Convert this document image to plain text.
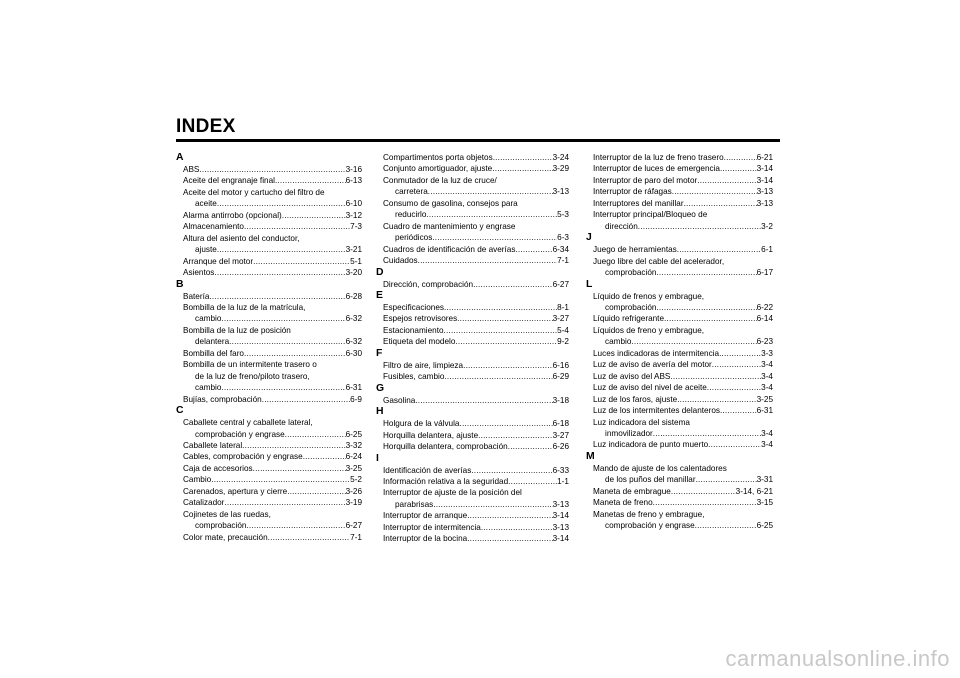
INDEX
A
ABS .....	3-16
Aceite del engranaje final .....	6-13
Aceite del motor y cartucho del filtro de
aceite .....	6-10
Alarma antirrobo (opcional) .....	3-12
Almacenamiento .....	7-3
Altura del asiento del conductor,
ajuste .....	3-21
Arranque del motor .....	5-1
Asientos .....	3-20
B
Batería .....	6-28
Bombilla de la luz de la matrícula,
cambio .....	6-32
Bombilla de la luz de posición
delantera .....	6-32
Bombilla del faro .....	6-30
Bombilla de un intermitente trasero o
de la luz de freno/piloto trasero,
cambio .....	6-31
Bujías, comprobación .....	6-9
C
Caballete central y caballete lateral,
comprobación y engrase .....	6-25
Caballete lateral .....	3-32
Cables, comprobación y engrase .....	6-24
Caja de accesorios .....	3-25
Cambio .....	5-2
Carenados, apertura y cierre .....	3-26
Catalizador .....	3-19
Cojinetes de las ruedas,
comprobación .....	6-27
Color mate, precaución .....	7-1
Compartimentos porta objetos .....	3-24
Conjunto amortiguador, ajuste .....	3-29
Conmutador de la luz de cruce/
carretera .....	3-13
Consumo de gasolina, consejos para
reducirlo .....	5-3
Cuadro de mantenimiento y engrase
periódicos .....	6-3
Cuadros de identificación de averías .....	6-34
Cuidados .....	7-1
D
Dirección, comprobación .....	6-27
E
Especificaciones .....	8-1
Espejos retrovisores .....	3-27
Estacionamiento .....	5-4
Etiqueta del modelo .....	9-2
F
Filtro de aire, limpieza .....	6-16
Fusibles, cambio .....	6-29
G
Gasolina .....	3-18
H
Holgura de la válvula .....	6-18
Horquilla delantera, ajuste .....	3-27
Horquilla delantera, comprobación .....	6-26
I
Identificación de averías .....	6-33
Información relativa a la seguridad .....	1-1
Interruptor de ajuste de la posición del
parabrisas .....	3-13
Interruptor de arranque .....	3-14
Interruptor de intermitencia .....	3-13
Interruptor de la bocina .....	3-14
Interruptor de la luz de freno trasero .....	6-21
Interruptor de luces de emergencia .....	3-14
Interruptor de paro del motor .....	3-14
Interruptor de ráfagas .....	3-13
Interruptores del manillar .....	3-13
Interruptor principal/Bloqueo de
dirección .....	3-2
J
Juego de herramientas .....	6-1
Juego libre del cable del acelerador,
comprobación .....	6-17
L
Líquido de frenos y embrague,
comprobación .....	6-22
Líquido refrigerante .....	6-14
Líquidos de freno y embrague,
cambio .....	6-23
Luces indicadoras de intermitencia .....	3-3
Luz de aviso de avería del motor .....	3-4
Luz de aviso del ABS .....	3-4
Luz de aviso del nivel de aceite .....	3-4
Luz de los faros, ajuste .....	3-25
Luz de los intermitentes delanteros .....	6-31
Luz indicadora del sistema
inmovilizador .....	3-4
Luz indicadora de punto muerto .....	3-4
M
Mando de ajuste de los calentadores
de los puños del manillar .....	3-31
Maneta de embrague .....	3-14, 6-21
Maneta de freno .....	3-15
Manetas de freno y embrague,
comprobación y engrase .....	6-25
carmanualsonline.info
